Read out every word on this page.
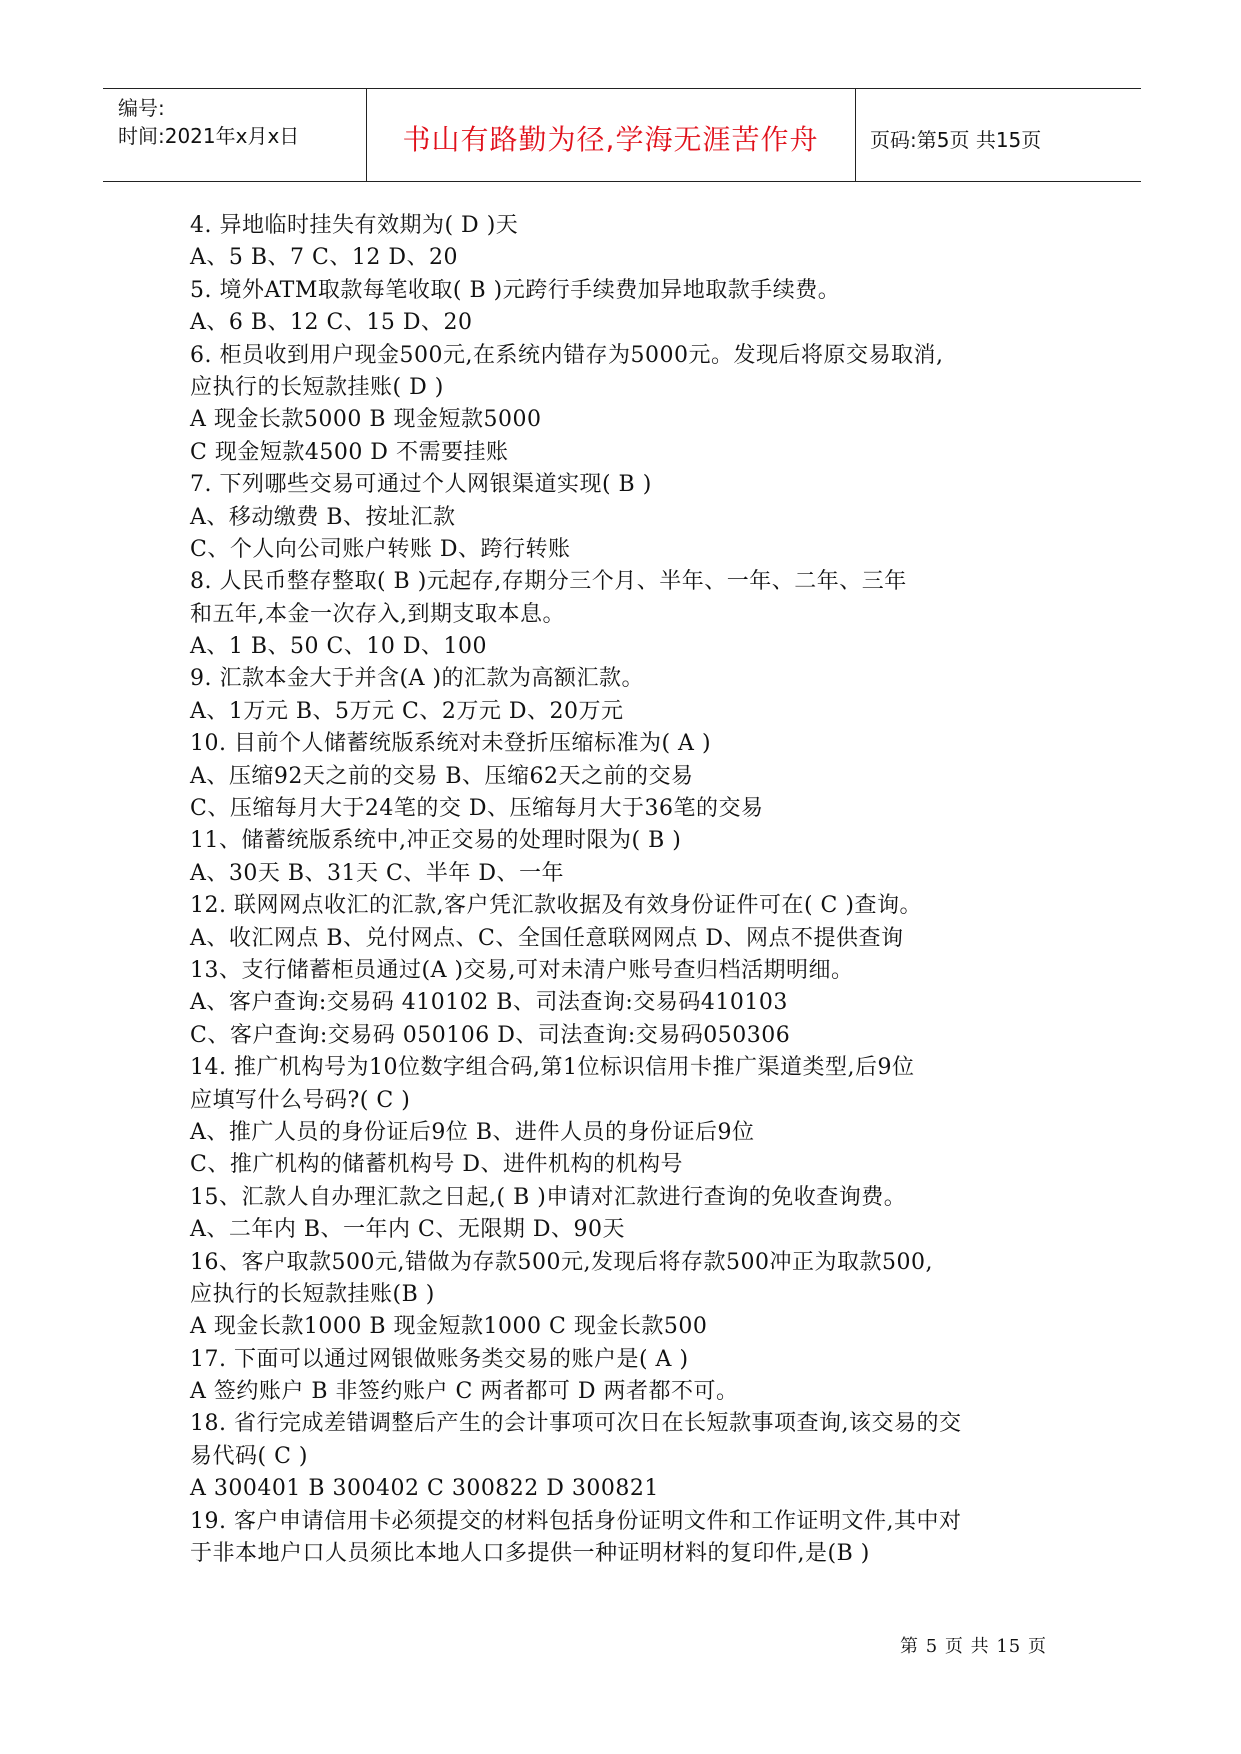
编号:
时间:2021年x月x日	书山有路勤为径,学海无涯苦作舟	页码:第5页 共15页
4. 异地临时挂失有效期为( D )天
A、5 B、7 C、12 D、20
5. 境外ATM取款每笔收取( B )元跨行手续费加异地取款手续费。
A、6 B、12 C、15 D、20
6. 柜员收到用户现金500元,在系统内错存为5000元。发现后将原交易取消,
应执行的长短款挂账( D )
A 现金长款5000 B 现金短款5000
C 现金短款4500 D 不需要挂账
7. 下列哪些交易可通过个人网银渠道实现( B )
A、移动缴费 B、按址汇款
C、个人向公司账户转账 D、跨行转账
8. 人民币整存整取( B )元起存,存期分三个月、半年、一年、二年、三年
和五年,本金一次存入,到期支取本息。
A、1 B、50 C、10 D、100
9. 汇款本金大于并含(A )的汇款为高额汇款。
A、1万元 B、5万元 C、2万元 D、20万元
10. 目前个人储蓄统版系统对未登折压缩标准为( A )
A、压缩92天之前的交易 B、压缩62天之前的交易
C、压缩每月大于24笔的交 D、压缩每月大于36笔的交易
11、储蓄统版系统中,冲正交易的处理时限为( B )
A、30天 B、31天 C、半年 D、一年
12. 联网网点收汇的汇款,客户凭汇款收据及有效身份证件可在( C )查询。
A、收汇网点 B、兑付网点、C、全国任意联网网点 D、网点不提供查询
13、支行储蓄柜员通过(A )交易,可对未清户账号查归档活期明细。
A、客户查询:交易码 410102 B、司法查询:交易码410103
C、客户查询:交易码 050106 D、司法查询:交易码050306
14. 推广机构号为10位数字组合码,第1位标识信用卡推广渠道类型,后9位
应填写什么号码?( C )
A、推广人员的身份证后9位 B、进件人员的身份证后9位
C、推广机构的储蓄机构号 D、进件机构的机构号
15、汇款人自办理汇款之日起,( B )申请对汇款进行查询的免收查询费。
A、二年内 B、一年内 C、无限期 D、90天
16、客户取款500元,错做为存款500元,发现后将存款500冲正为取款500,
应执行的长短款挂账(B )
A 现金长款1000 B 现金短款1000 C 现金长款500
17. 下面可以通过网银做账务类交易的账户是( A )
A 签约账户 B 非签约账户 C 两者都可 D 两者都不可。
18. 省行完成差错调整后产生的会计事项可次日在长短款事项查询,该交易的交
易代码( C )
A 300401 B 300402 C 300822 D 300821
19. 客户申请信用卡必须提交的材料包括身份证明文件和工作证明文件,其中对
于非本地户口人员须比本地人口多提供一种证明材料的复印件,是(B )
第 5 页 共 15 页
